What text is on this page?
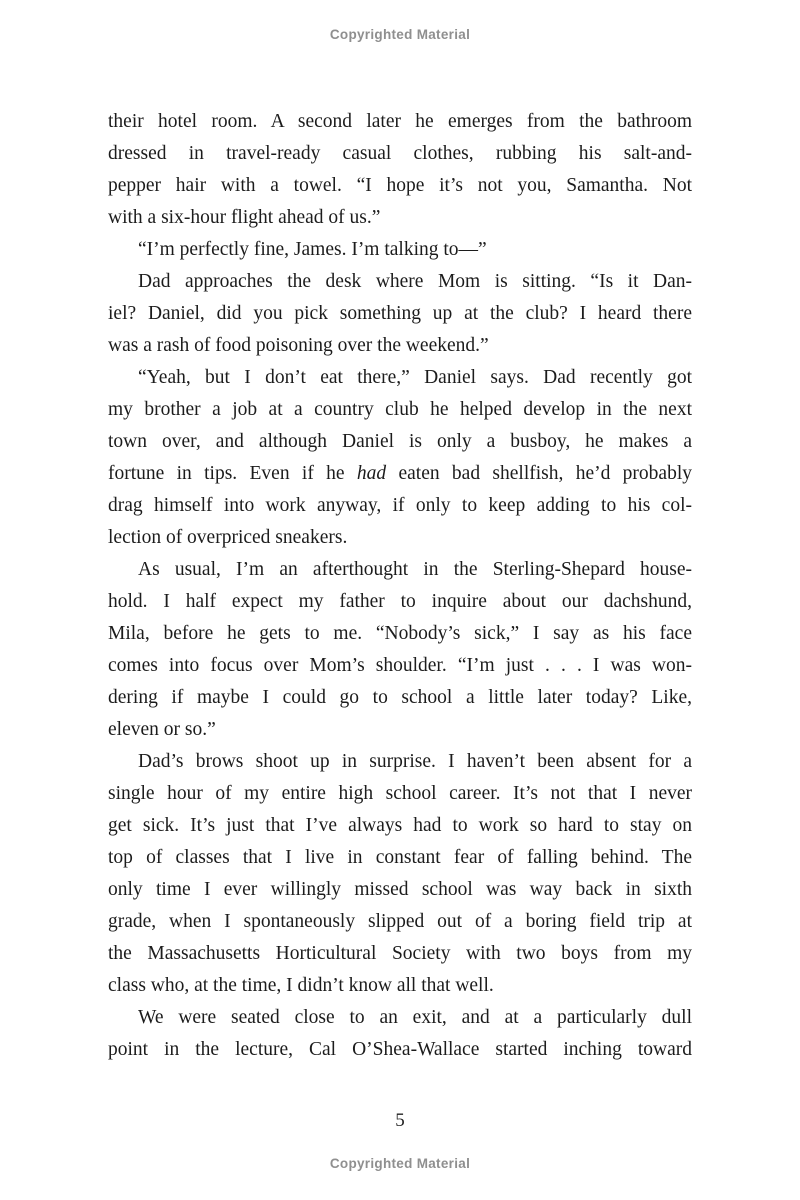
Copyrighted Material
their hotel room. A second later he emerges from the bathroom
dressed in travel-ready casual clothes, rubbing his salt-and-
pepper hair with a towel. “I hope it’s not you, Samantha. Not
with a six-hour flight ahead of us.”
“I’m perfectly fine, James. I’m talking to—”
Dad approaches the desk where Mom is sitting. “Is it Dan-
iel? Daniel, did you pick something up at the club? I heard there
was a rash of food poisoning over the weekend.”
“Yeah, but I don’t eat there,” Daniel says. Dad recently got
my brother a job at a country club he helped develop in the next
town over, and although Daniel is only a busboy, he makes a
fortune in tips. Even if he had eaten bad shellfish, he’d probably
drag himself into work anyway, if only to keep adding to his col-
lection of overpriced sneakers.
As usual, I’m an afterthought in the Sterling-Shepard house-
hold. I half expect my father to inquire about our dachshund,
Mila, before he gets to me. “Nobody’s sick,” I say as his face
comes into focus over Mom’s shoulder. “I’m just . . . I was won-
dering if maybe I could go to school a little later today? Like,
eleven or so.”
Dad’s brows shoot up in surprise. I haven’t been absent for a
single hour of my entire high school career. It’s not that I never
get sick. It’s just that I’ve always had to work so hard to stay on
top of classes that I live in constant fear of falling behind. The
only time I ever willingly missed school was way back in sixth
grade, when I spontaneously slipped out of a boring field trip at
the Massachusetts Horticultural Society with two boys from my
class who, at the time, I didn’t know all that well.
We were seated close to an exit, and at a particularly dull
point in the lecture, Cal O’Shea-Wallace started inching toward
5
Copyrighted Material
